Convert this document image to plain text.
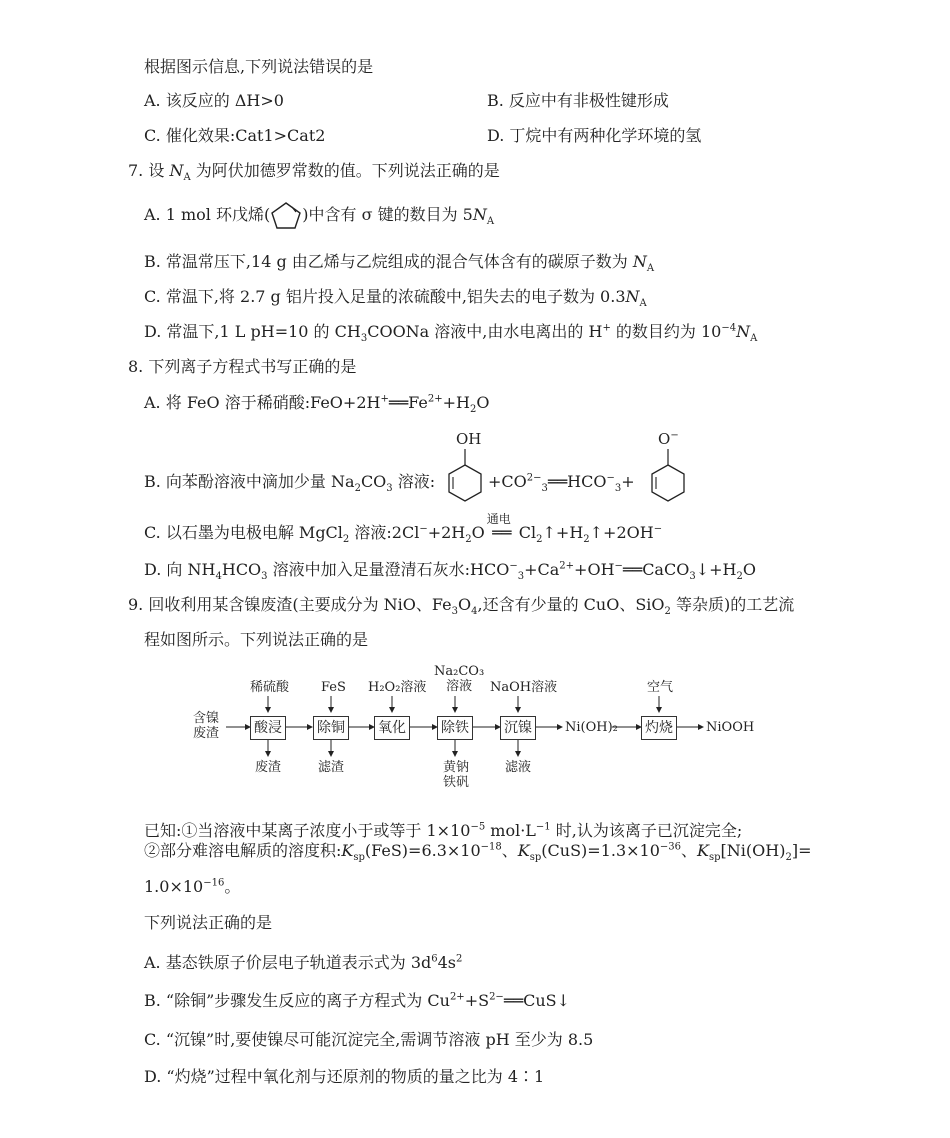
根据图示信息,下列说法错误的是
A. 该反应的 ΔH>0	B. 反应中有非极性键形成
C. 催化效果:Cat1>Cat2	D. 丁烷中有两种化学环境的氢
7. 设 $N_A$ 为阿伏加德罗常数的值。下列说法正确的是
A. 1 mol 环戊烯( )中含有 σ 键的数目为 $5N_A$
B. 常温常压下,14 g 由乙烯与乙烷组成的混合气体含有的碳原子数为 $N_A$
C. 常温下,将 2.7 g 铝片投入足量的浓硫酸中,铝失去的电子数为 $0.3N_A$
D. 常温下,1 L pH=10 的 $CH_3COONa$ 溶液中,由水电离出的 H+ 的数目约为 $10^{-4}N_A$
8. 下列离子方程式书写正确的是
A. 将 FeO 溶于稀硝酸$:FeO+2H^+══Fe^{2+}+H_2O$
OH	O−
B. 向苯酚溶液中滴加少量 $Na_2CO_3$ 溶液:	$+CO^{2-}_3══HCO^-_3+$
C. 以石墨为电极电解 MgCl$_2$ 溶液$:2Cl^-+2H_2O$
通电
══ $Cl_2↑+H_2↑+2OH^-$
D. 向 $NH_4HCO_3$ 溶液中加入足量澄清石灰水$:HCO^-_3+Ca^{2+}+OH^-══CaCO_3↓+H_2O$
9. 回收利用某含镍废渣(主要成分为 NiO、$Fe_3O_4$,还含有少量的 CuO、SiO$_2$ 等杂质)的工艺流
程如图所示。下列说法正确的是
含镍
废渣 酸浸	除铜 氧化	除铁	沉镍	灼烧
稀硫酸 FeS H₂O₂溶液
Na₂CO₃
溶液	NaOH溶液	空气
废渣	滤渣	黄钠
铁矾
滤液
Ni(OH)₂	NiOOH
已知:①当溶液中某离子浓度小于或等于 $1\times 10^{-5}$ $mol\cdot L^{-1}$ 时,认为该离子已沉淀完全;
②部分难溶电解质的溶度积$:K_{sp}(FeS)=6.3\times 10^{-18}$、$K_{sp}(CuS)=1.3\times 10^{-36}$、$K_{sp}[Ni(OH)_2]=$
$1.0\times 10^{-16}$。
下列说法正确的是
A. 基态铁原子价层电子轨道表示式为 $3d^64s^2$
B. “除铜”步骤发生反应的离子方程式为 $Cu^{2+}+S^{2-}══CuS↓$
C. “沉镍”时,要使镍尽可能沉淀完全,需调节溶液 pH 至少为 8.5
D. “灼烧”过程中氧化剂与还原剂的物质的量之比为 4∶1
